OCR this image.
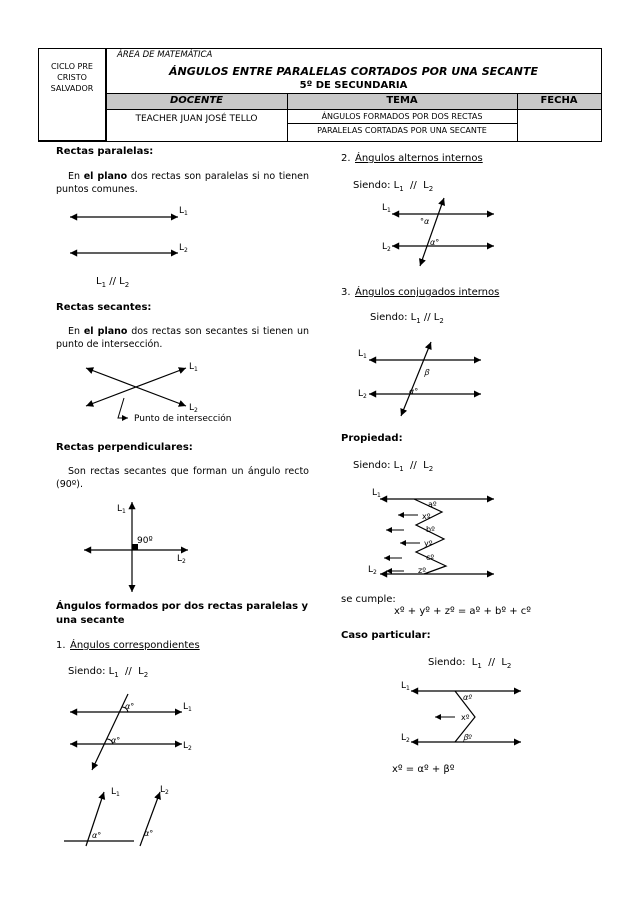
CICLO PRE CRISTO SALVADOR
ÁREA DE MATEMÁTICA
ÁNGULOS ENTRE PARALELAS CORTADOS POR UNA SECANTE
5º DE SECUNDARIA
DOCENTE	TEMA	FECHA
TEACHER JUAN JOSÉ TELLO	ÁNGULOS FORMADOS POR DOS RECTAS
PARALELAS CORTADAS POR UNA SECANTE
Rectas paralelas:
En el plano dos rectas son paralelas si no tienen puntos comunes.
$L_1$
$L_2$
$L_1 // L_2$
Rectas secantes:
En el plano dos rectas son secantes si tienen un punto de intersección.
$L_1$
$L_2$
Punto de intersección
Rectas perpendiculares:
Son rectas secantes que forman un ángulo recto (90º).
$L_1$
$L_2$
90º
Ángulos formados por dos rectas paralelas y una secante
1. Ángulos correspondientes
Siendo: $L_1 // L_2$
α°
α°
$L_1$
$L_2$
$L_1$	$L_2$
α°	α°
2. Ángulos alternos internos
Siendo: $L_1 // L_2$
$L_1$
$L_2$
°α
α°
3. Ángulos conjugados internos
Siendo: $L_1 // L_2$
$L_1$
$L_2$
ꞵ
α°
Propiedad:
Siendo: $L_1 // L_2$
$L_1$
$L_2$
aº
xº
bº
yº
cº
zº
se cumple:
xº + yº + zº = aº + bº + cº
Caso particular:
Siendo:  $L_1 // L_2$
$L_1$
$L_2$
αº
xº
ꞵº
xº = αº + βº
